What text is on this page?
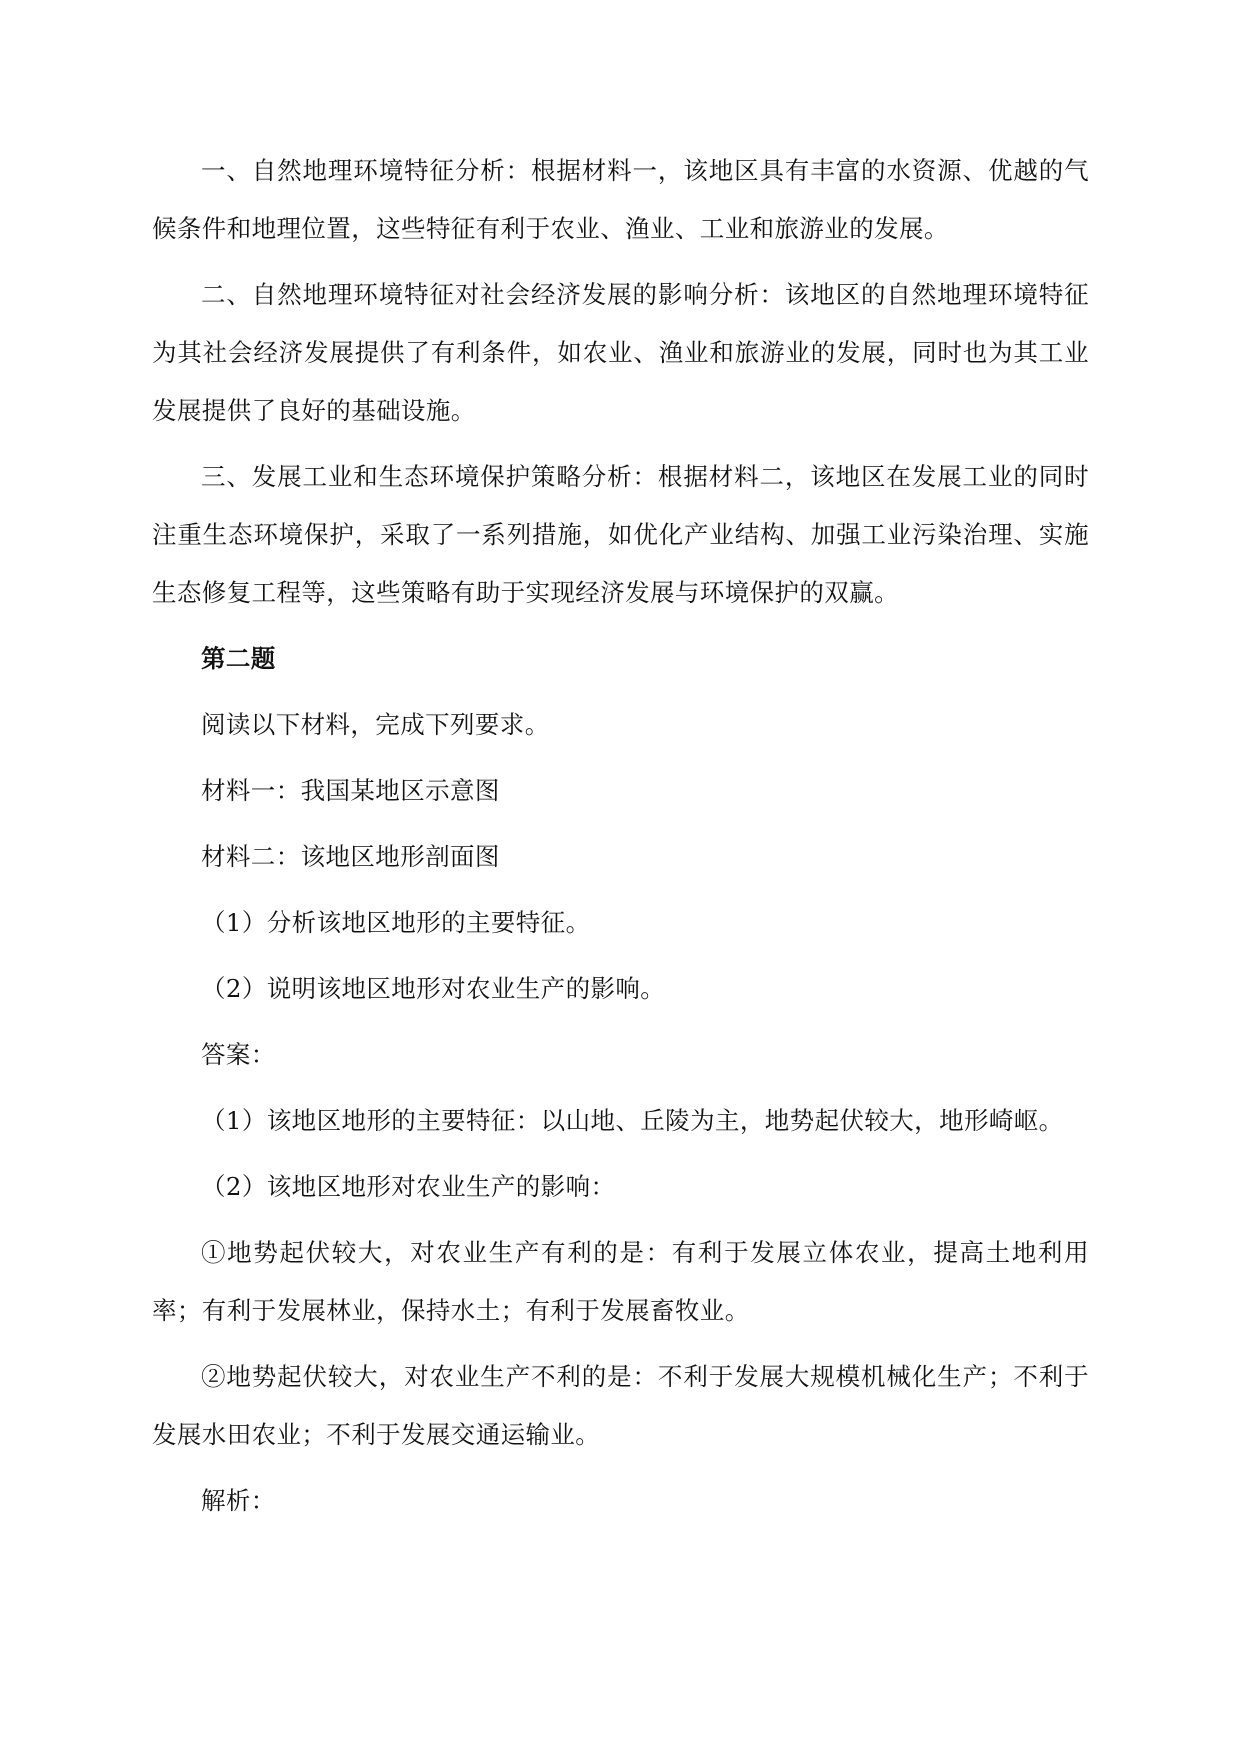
一、自然地理环境特征分析：根据材料一，该地区具有丰富的水资源、优越的气候条件和地理位置，这些特征有利于农业、渔业、工业和旅游业的发展。

二、自然地理环境特征对社会经济发展的影响分析：该地区的自然地理环境特征为其社会经济发展提供了有利条件，如农业、渔业和旅游业的发展，同时也为其工业发展提供了良好的基础设施。

三、发展工业和生态环境保护策略分析：根据材料二，该地区在发展工业的同时注重生态环境保护，采取了一系列措施，如优化产业结构、加强工业污染治理、实施生态修复工程等，这些策略有助于实现经济发展与环境保护的双赢。

第二题

阅读以下材料，完成下列要求。

材料一：我国某地区示意图

材料二：该地区地形剖面图

（1）分析该地区地形的主要特征。

（2）说明该地区地形对农业生产的影响。

答案：

（1）该地区地形的主要特征：以山地、丘陵为主，地势起伏较大，地形崎岖。

（2）该地区地形对农业生产的影响：

①地势起伏较大，对农业生产有利的是：有利于发展立体农业，提高土地利用率；有利于发展林业，保持水土；有利于发展畜牧业。

②地势起伏较大，对农业生产不利的是：不利于发展大规模机械化生产；不利于发展水田农业；不利于发展交通运输业。

解析：
